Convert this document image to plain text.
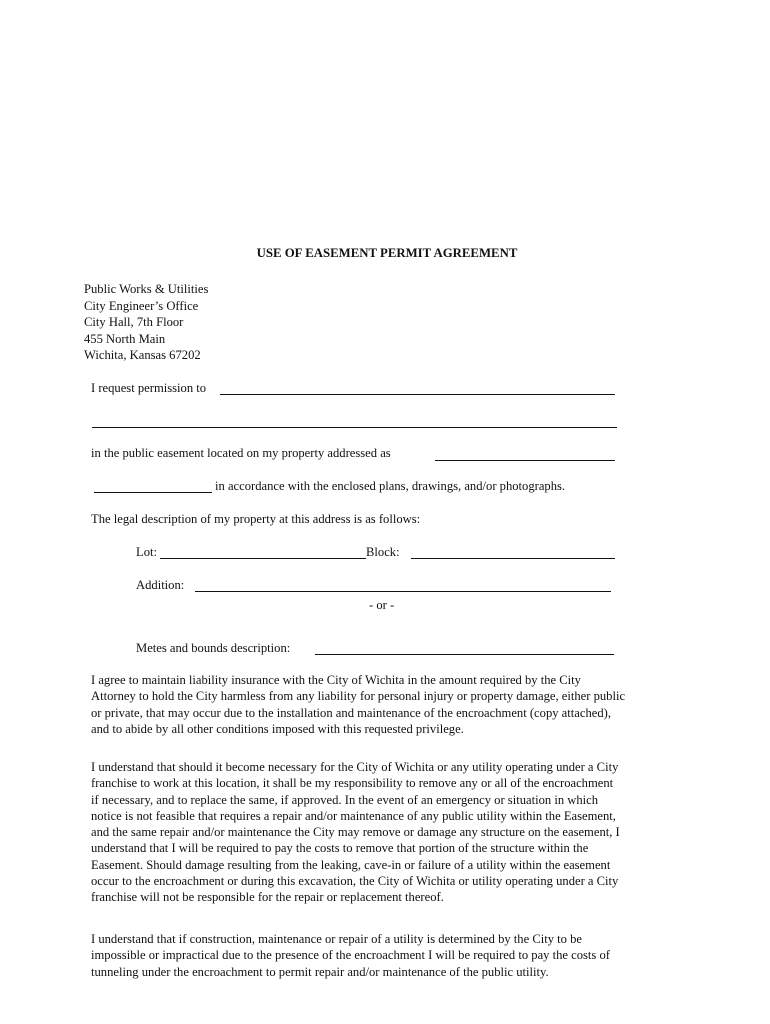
USE OF EASEMENT PERMIT AGREEMENT
Public Works & Utilities
City Engineer’s Office
City Hall, 7th Floor
455 North Main
Wichita, Kansas 67202
I request permission to
in the public easement located on my property addressed as
in accordance with the enclosed plans, drawings, and/or photographs.
The legal description of my property at this address is as follows:
Lot:	Block:
Addition:
- or -
Metes and bounds description:
I agree to maintain liability insurance with the City of Wichita in the amount required by the City
Attorney to hold the City harmless from any liability for personal injury or property damage, either public
or private, that may occur due to the installation and maintenance of the encroachment (copy attached),
and to abide by all other conditions imposed with this requested privilege.
I understand that should it become necessary for the City of Wichita or any utility operating under a City
franchise to work at this location, it shall be my responsibility to remove any or all of the encroachment
if necessary, and to replace the same, if approved. In the event of an emergency or situation in which
notice is not feasible that requires a repair and/or maintenance of any public utility within the Easement,
and the same repair and/or maintenance the City may remove or damage any structure on the easement, I
understand that I will be required to pay the costs to remove that portion of the structure within the
Easement. Should damage resulting from the leaking, cave-in or failure of a utility within the easement
occur to the encroachment or during this excavation, the City of Wichita or utility operating under a City
franchise will not be responsible for the repair or replacement thereof.
I understand that if construction, maintenance or repair of a utility is determined by the City to be
impossible or impractical due to the presence of the encroachment I will be required to pay the costs of
tunneling under the encroachment to permit repair and/or maintenance of the public utility.
